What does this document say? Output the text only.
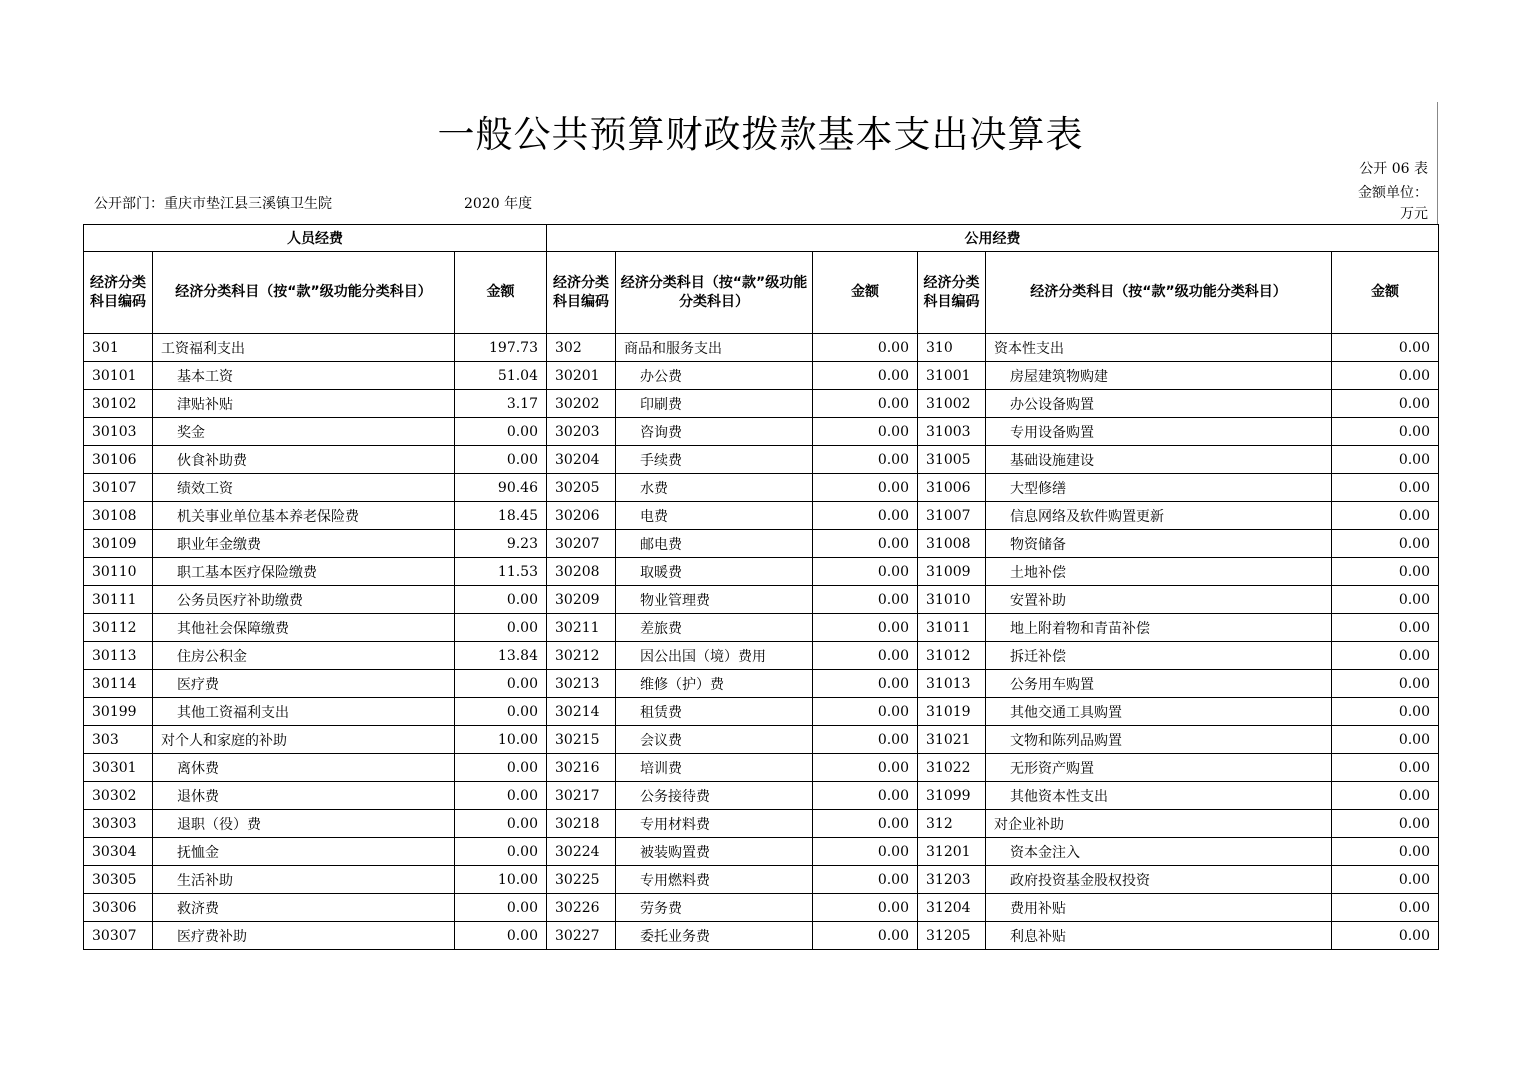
一般公共预算财政拨款基本支出决算表
公开 06 表
公开部门：重庆市垫江县三溪镇卫生院	2020 年度
金额单位：
万元
人员经费			公用经费					
经济分类科目编码	经济分类科目（按“款”级功能分类科目）	金额	经济分类科目编码	经济分类科目（按“款”级功能分类科目）	金额	经济分类科目编码	经济分类科目（按“款”级功能分类科目）	金额
301	工资福利支出	197.73	302	商品和服务支出	0.00	310	资本性支出	0.00
30101	基本工资	51.04	30201	办公费	0.00	31001	房屋建筑物购建	0.00
30102	津贴补贴	3.17	30202	印刷费	0.00	31002	办公设备购置	0.00
30103	奖金	0.00	30203	咨询费	0.00	31003	专用设备购置	0.00
30106	伙食补助费	0.00	30204	手续费	0.00	31005	基础设施建设	0.00
30107	绩效工资	90.46	30205	水费	0.00	31006	大型修缮	0.00
30108	机关事业单位基本养老保险费	18.45	30206	电费	0.00	31007	信息网络及软件购置更新	0.00
30109	职业年金缴费	9.23	30207	邮电费	0.00	31008	物资储备	0.00
30110	职工基本医疗保险缴费	11.53	30208	取暖费	0.00	31009	土地补偿	0.00
30111	公务员医疗补助缴费	0.00	30209	物业管理费	0.00	31010	安置补助	0.00
30112	其他社会保障缴费	0.00	30211	差旅费	0.00	31011	地上附着物和青苗补偿	0.00
30113	住房公积金	13.84	30212	因公出国（境）费用	0.00	31012	拆迁补偿	0.00
30114	医疗费	0.00	30213	维修（护）费	0.00	31013	公务用车购置	0.00
30199	其他工资福利支出	0.00	30214	租赁费	0.00	31019	其他交通工具购置	0.00
303	对个人和家庭的补助	10.00	30215	会议费	0.00	31021	文物和陈列品购置	0.00
30301	离休费	0.00	30216	培训费	0.00	31022	无形资产购置	0.00
30302	退休费	0.00	30217	公务接待费	0.00	31099	其他资本性支出	0.00
30303	退职（役）费	0.00	30218	专用材料费	0.00	312	对企业补助	0.00
30304	抚恤金	0.00	30224	被装购置费	0.00	31201	资本金注入	0.00
30305	生活补助	10.00	30225	专用燃料费	0.00	31203	政府投资基金股权投资	0.00
30306	救济费	0.00	30226	劳务费	0.00	31204	费用补贴	0.00
30307	医疗费补助	0.00	30227	委托业务费	0.00	31205	利息补贴	0.00
